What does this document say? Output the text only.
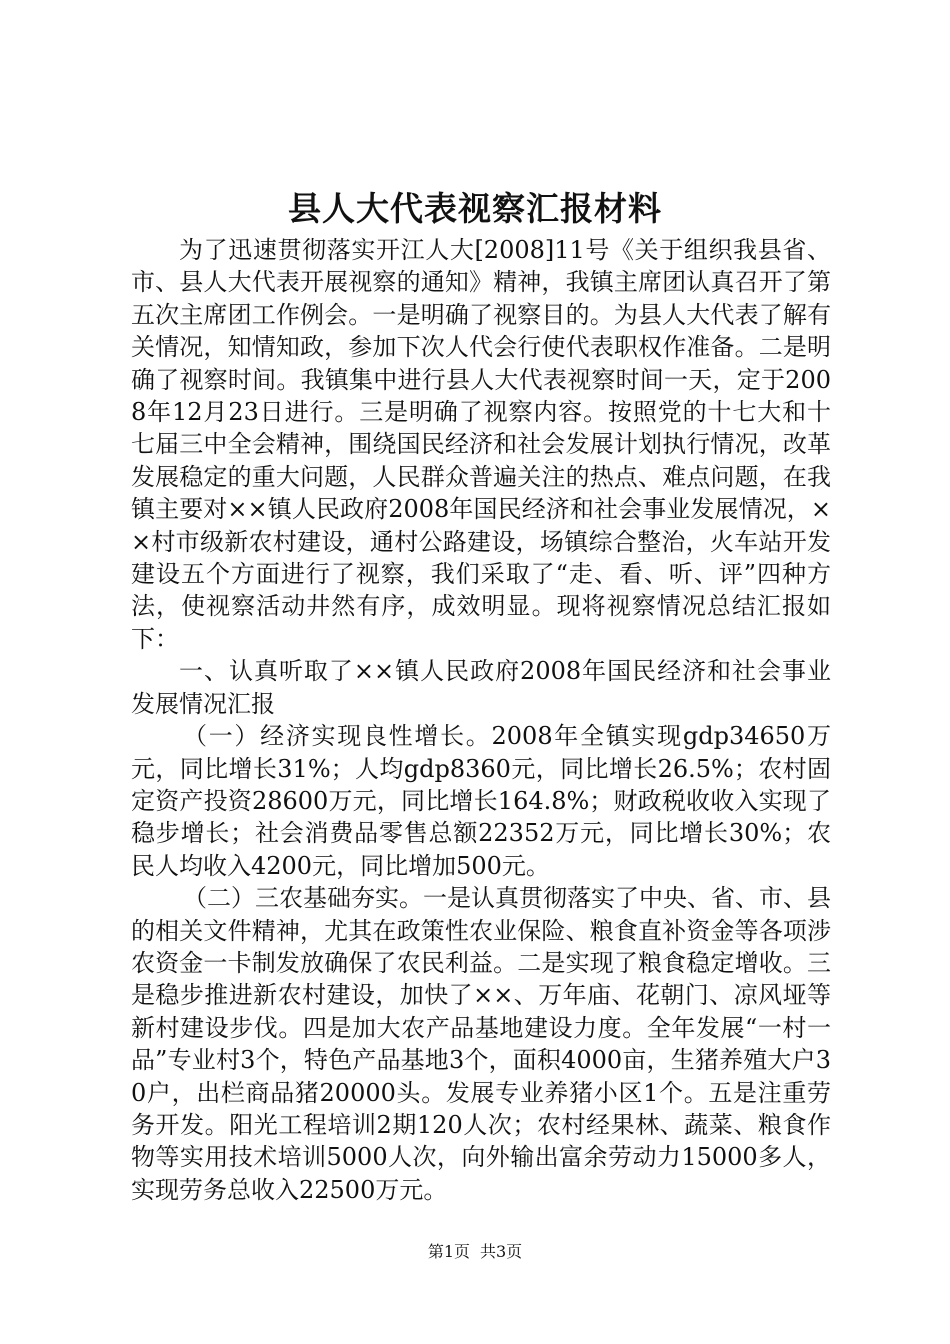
县人大代表视察汇报材料

为了迅速贯彻落实开江人大[2008]11号《关于组织我县省、市、县人大代表开展视察的通知》精神，我镇主席团认真召开了第五次主席团工作例会。一是明确了视察目的。为县人大代表了解有关情况，知情知政，参加下次人代会行使代表职权作准备。二是明确了视察时间。我镇集中进行县人大代表视察时间一天，定于2008年12月23日进行。三是明确了视察内容。按照党的十七大和十七届三中全会精神，围绕国民经济和社会发展计划执行情况，改革发展稳定的重大问题，人民群众普遍关注的热点、难点问题，在我镇主要对××镇人民政府2008年国民经济和社会事业发展情况，××村市级新农村建设，通村公路建设，场镇综合整治，火车站开发建设五个方面进行了视察，我们采取了“走、看、听、评”四种方法，使视察活动井然有序，成效明显。现将视察情况总结汇报如下：

一、认真听取了××镇人民政府2008年国民经济和社会事业发展情况汇报

（一）经济实现良性增长。2008年全镇实现gdp34650万元，同比增长31%；人均gdp8360元，同比增长26.5%；农村固定资产投资28600万元，同比增长164.8%；财政税收收入实现了稳步增长；社会消费品零售总额22352万元，同比增长30%；农民人均收入4200元，同比增加500元。

（二）三农基础夯实。一是认真贯彻落实了中央、省、市、县的相关文件精神，尤其在政策性农业保险、粮食直补资金等各项涉农资金一卡制发放确保了农民利益。二是实现了粮食稳定增收。三是稳步推进新农村建设，加快了××、万年庙、花朝门、凉风垭等新村建设步伐。四是加大农产品基地建设力度。全年发展“一村一品”专业村3个，特色产品基地3个，面积4000亩，生猪养殖大户30户，出栏商品猪20000头。发展专业养猪小区1个。五是注重劳务开发。阳光工程培训2期120人次；农村经果林、蔬菜、粮食作物等实用技术培训5000人次，向外输出富余劳动力15000多人，实现劳务总收入22500万元。

第1页 共3页
